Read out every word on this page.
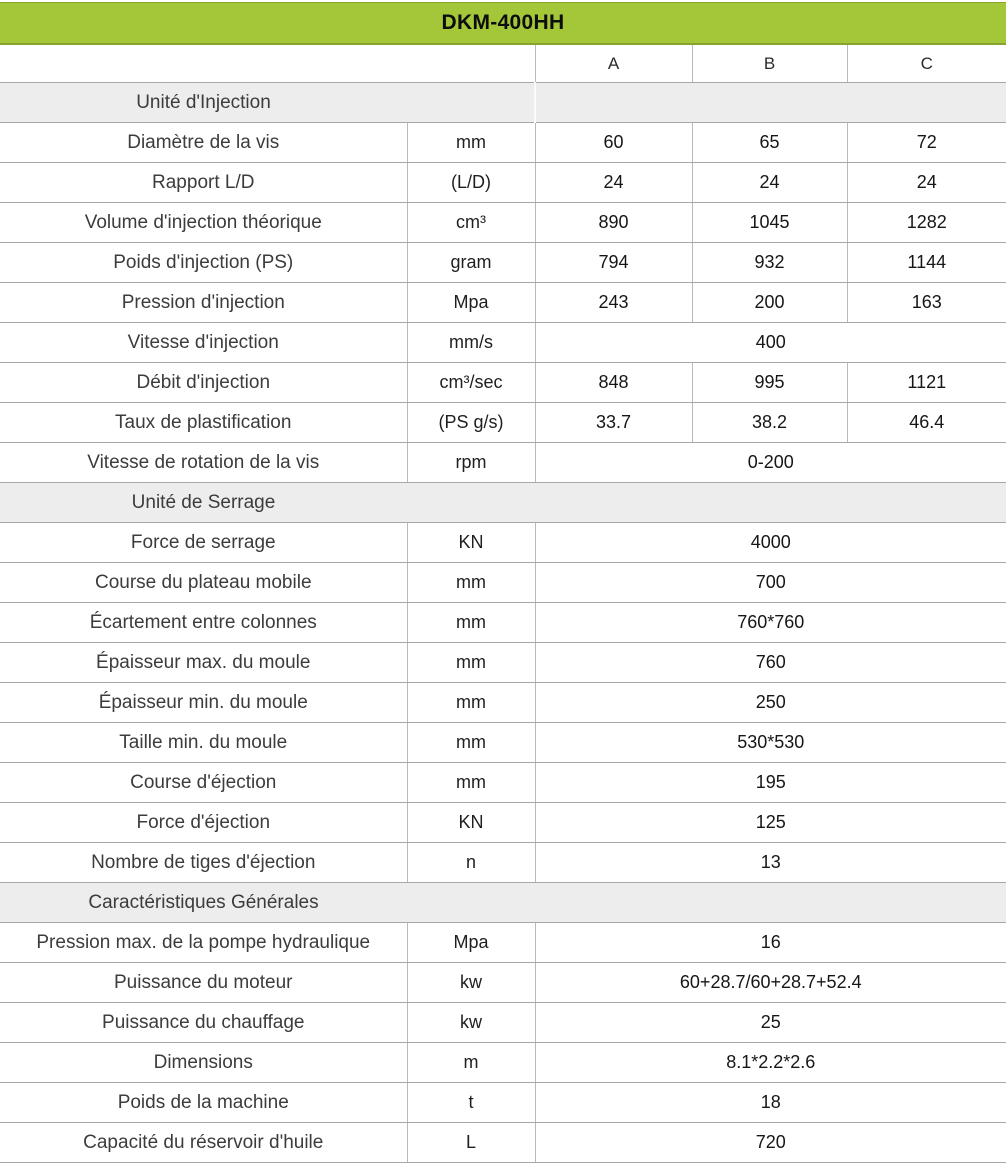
DKM-400HH				
		A	B	C
Unité d'Injection				
Diamètre de la vis	mm	60	65	72
Rapport L/D	(L/D)	24	24	24
Volume d'injection théorique	cm³	890	1045	1282
Poids d'injection (PS)	gram	794	932	1144
Pression d'injection	Mpa	243	200	163
Vitesse d'injection	mm/s	400		
Débit d'injection	cm³/sec	848	995	1121
Taux de plastification	(PS g/s)	33.7	38.2	46.4
Vitesse de rotation de la vis	rpm	0-200		
Unité de Serrage				
Force de serrage	KN	4000		
Course du plateau mobile	mm	700		
Écartement entre colonnes	mm	760*760		
Épaisseur max. du moule	mm	760		
Épaisseur min. du moule	mm	250		
Taille min. du moule	mm	530*530		
Course d'éjection	mm	195		
Force d'éjection	KN	125		
Nombre de tiges d'éjection	n	13		
Caractéristiques Générales				
Pression max. de la pompe hydraulique	Mpa	16		
Puissance du moteur	kw	60+28.7/60+28.7+52.4		
Puissance du chauffage	kw	25		
Dimensions	m	8.1*2.2*2.6		
Poids de la machine	t	18		
Capacité du réservoir d'huile	L	720		
